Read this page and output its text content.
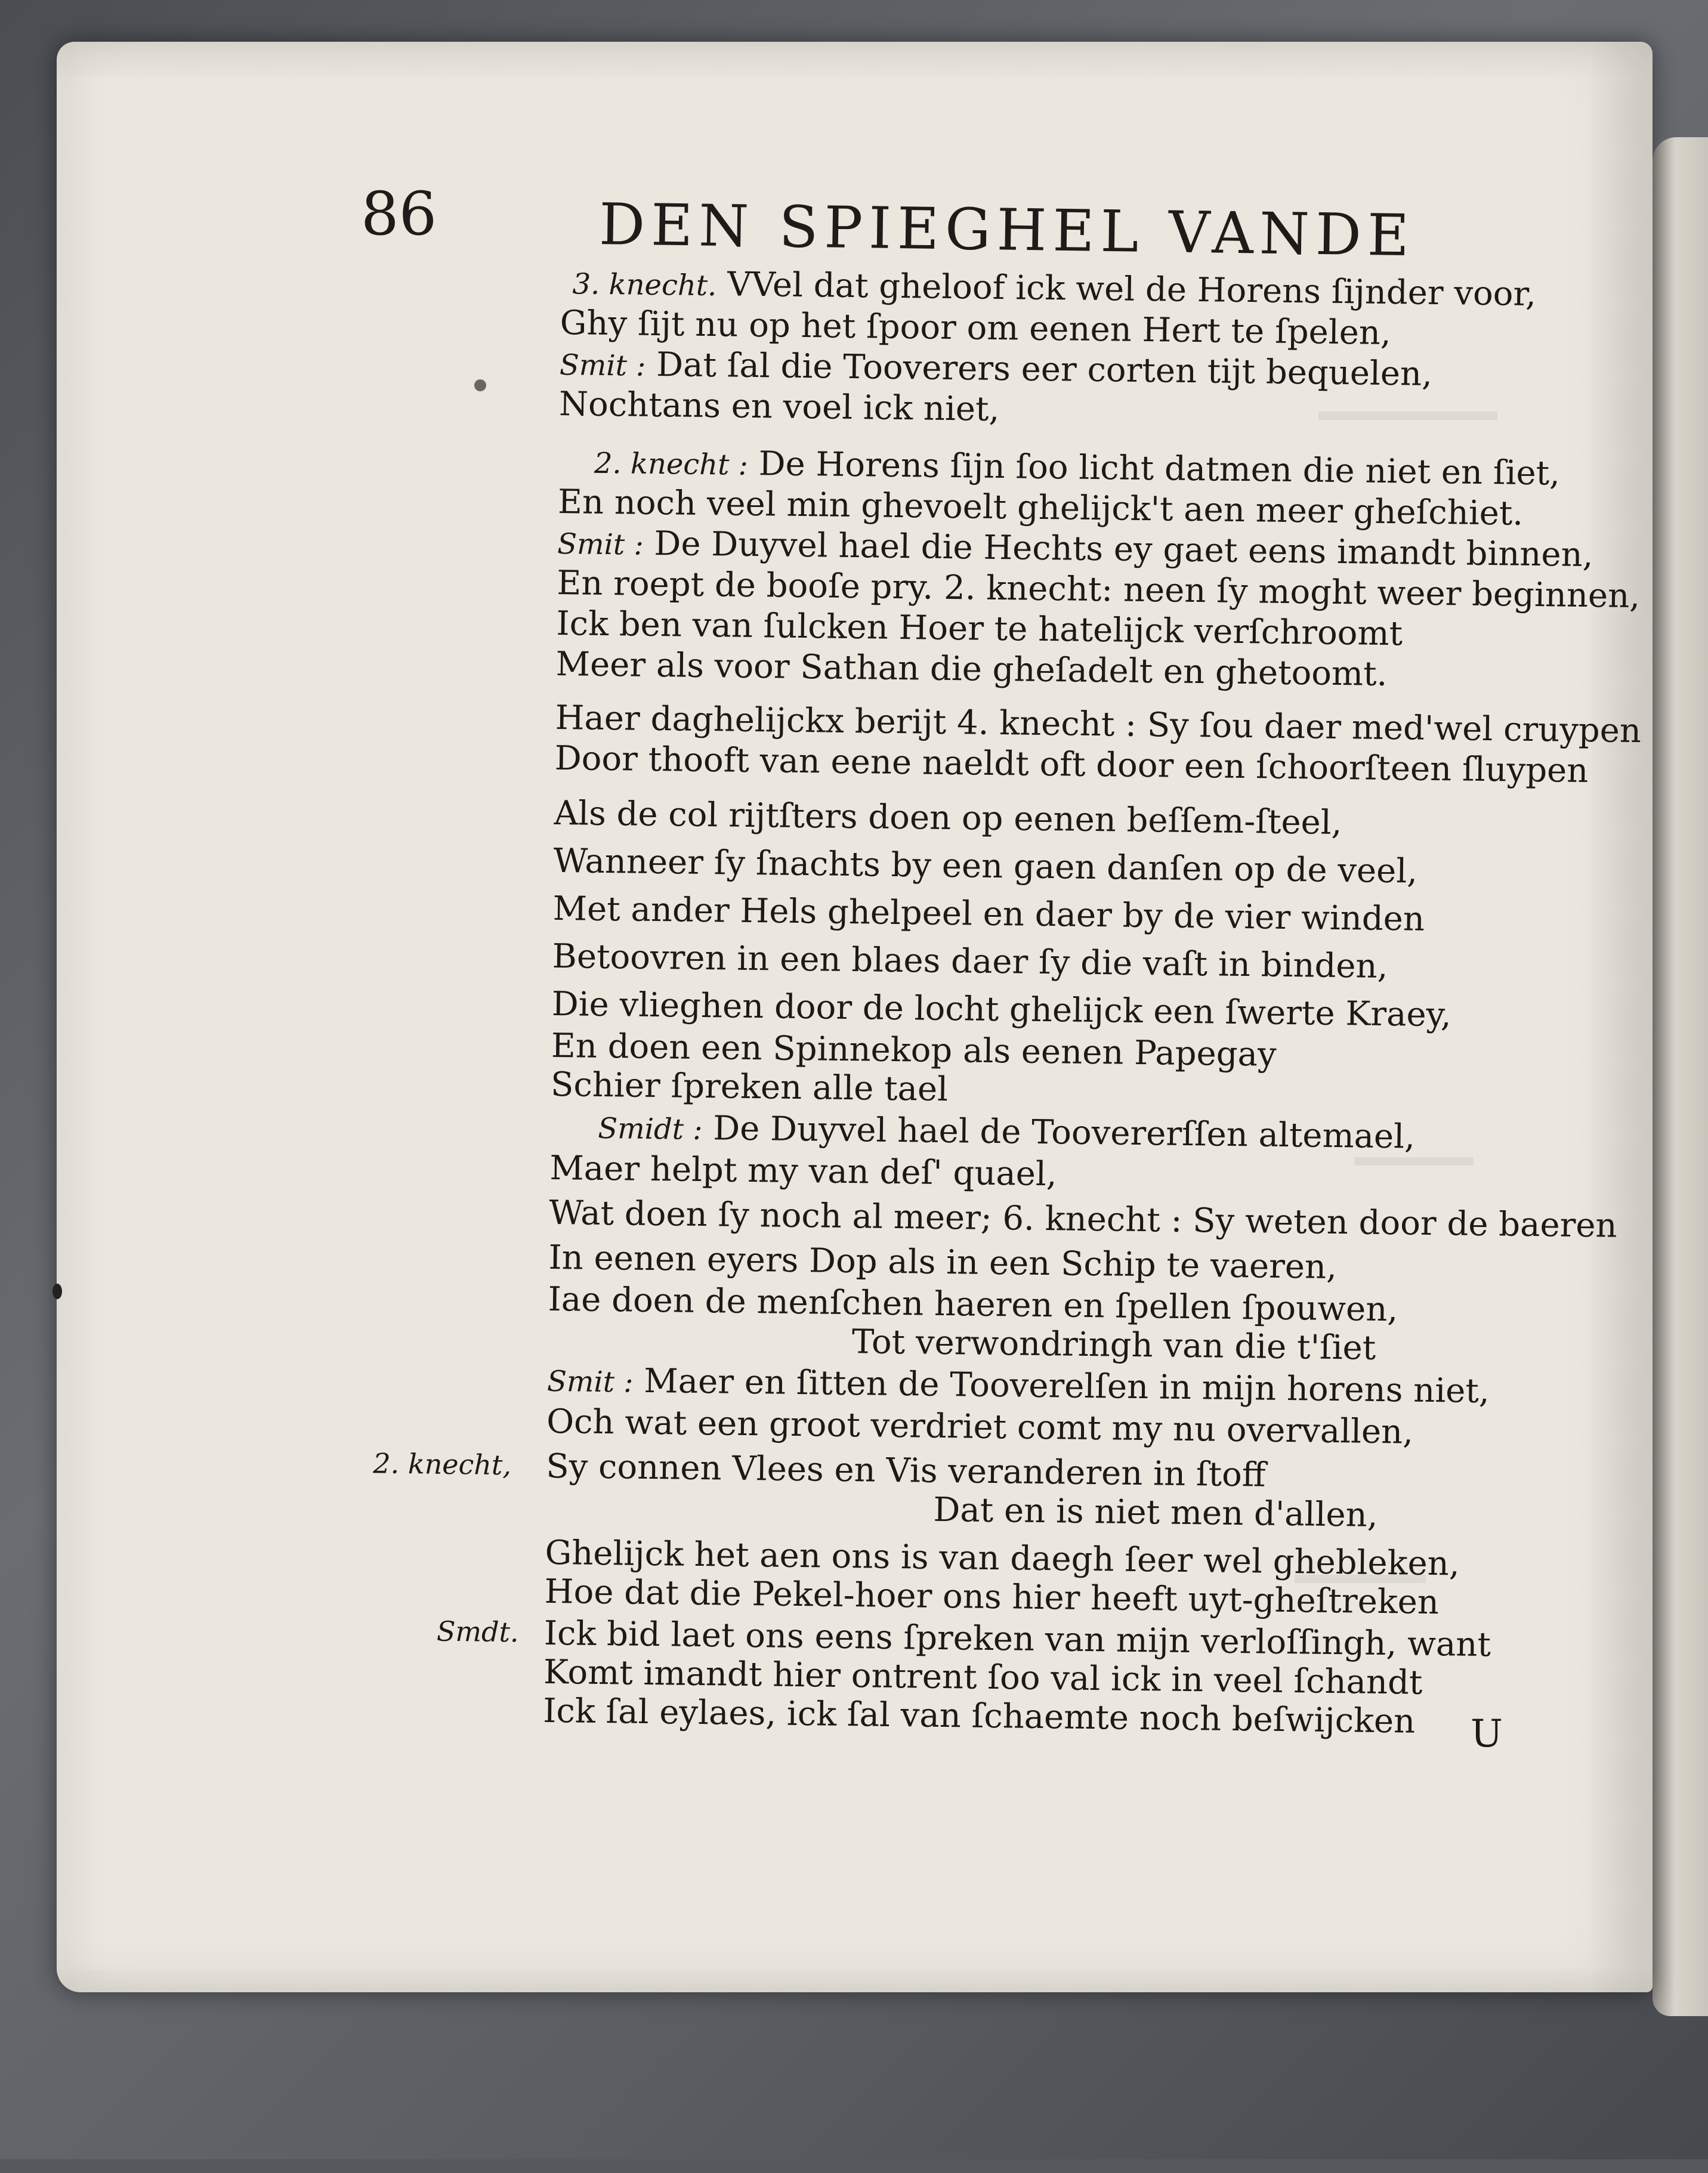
86	DEN SPIEGHEL VANDE
3. knecht. VVel dat gheloof ick wel de Horens ſijnder voor,
Ghy ſijt nu op het ſpoor om eenen Hert te ſpelen,
Smit : Dat ſal die Tooverers eer corten tijt bequelen,
Nochtans en voel ick niet,
2. knecht : De Horens ſijn ſoo licht datmen die niet en ſiet,
En noch veel min ghevoelt ghelijck't aen meer gheſchiet.
Smit : De Duyvel hael die Hechts ey gaet eens imandt binnen,
En roept de booſe pry. 2. knecht: neen ſy moght weer beginnen,
Ick ben van ſulcken Hoer te hatelijck verſchroomt
Meer als voor Sathan die gheſadelt en ghetoomt.
Haer daghelijckx berijt 4. knecht : Sy ſou daer med'wel cruypen
Door thooft van eene naeldt oft door een ſchoorſteen ſluypen
Als de col rijtſters doen op eenen beſſem-ſteel,
Wanneer ſy ſnachts by een gaen danſen op de veel,
Met ander Hels ghelpeel en daer by de vier winden
Betoovren in een blaes daer ſy die vaſt in binden,
Die vlieghen door de locht ghelijck een ſwerte Kraey,
En doen een Spinnekop als eenen Papegay
Schier ſpreken alle tael
Smidt : De Duyvel hael de Toovererſſen altemael,
Maer helpt my van deſ' quael,
Wat doen ſy noch al meer; 6. knecht : Sy weten door de baeren
In eenen eyers Dop als in een Schip te vaeren,
Iae doen de menſchen haeren en ſpellen ſpouwen,
Tot verwondringh van die t'ſiet
Smit : Maer en ſitten de Tooverelſen in mijn horens niet,
Och wat een groot verdriet comt my nu overvallen,
Sy connen Vlees en Vis veranderen in ſtoff
Dat en is niet men d'allen,
Ghelijck het aen ons is van daegh ſeer wel ghebleken,
Hoe dat die Pekel-hoer ons hier heeft uyt-gheſtreken
Ick bid laet ons eens ſpreken van mijn verloſſingh, want
Komt imandt hier ontrent ſoo val ick in veel ſchandt
Ick ſal eylaes, ick ſal van ſchaemte noch beſwijcken
2. knecht,
Smdt.
U
